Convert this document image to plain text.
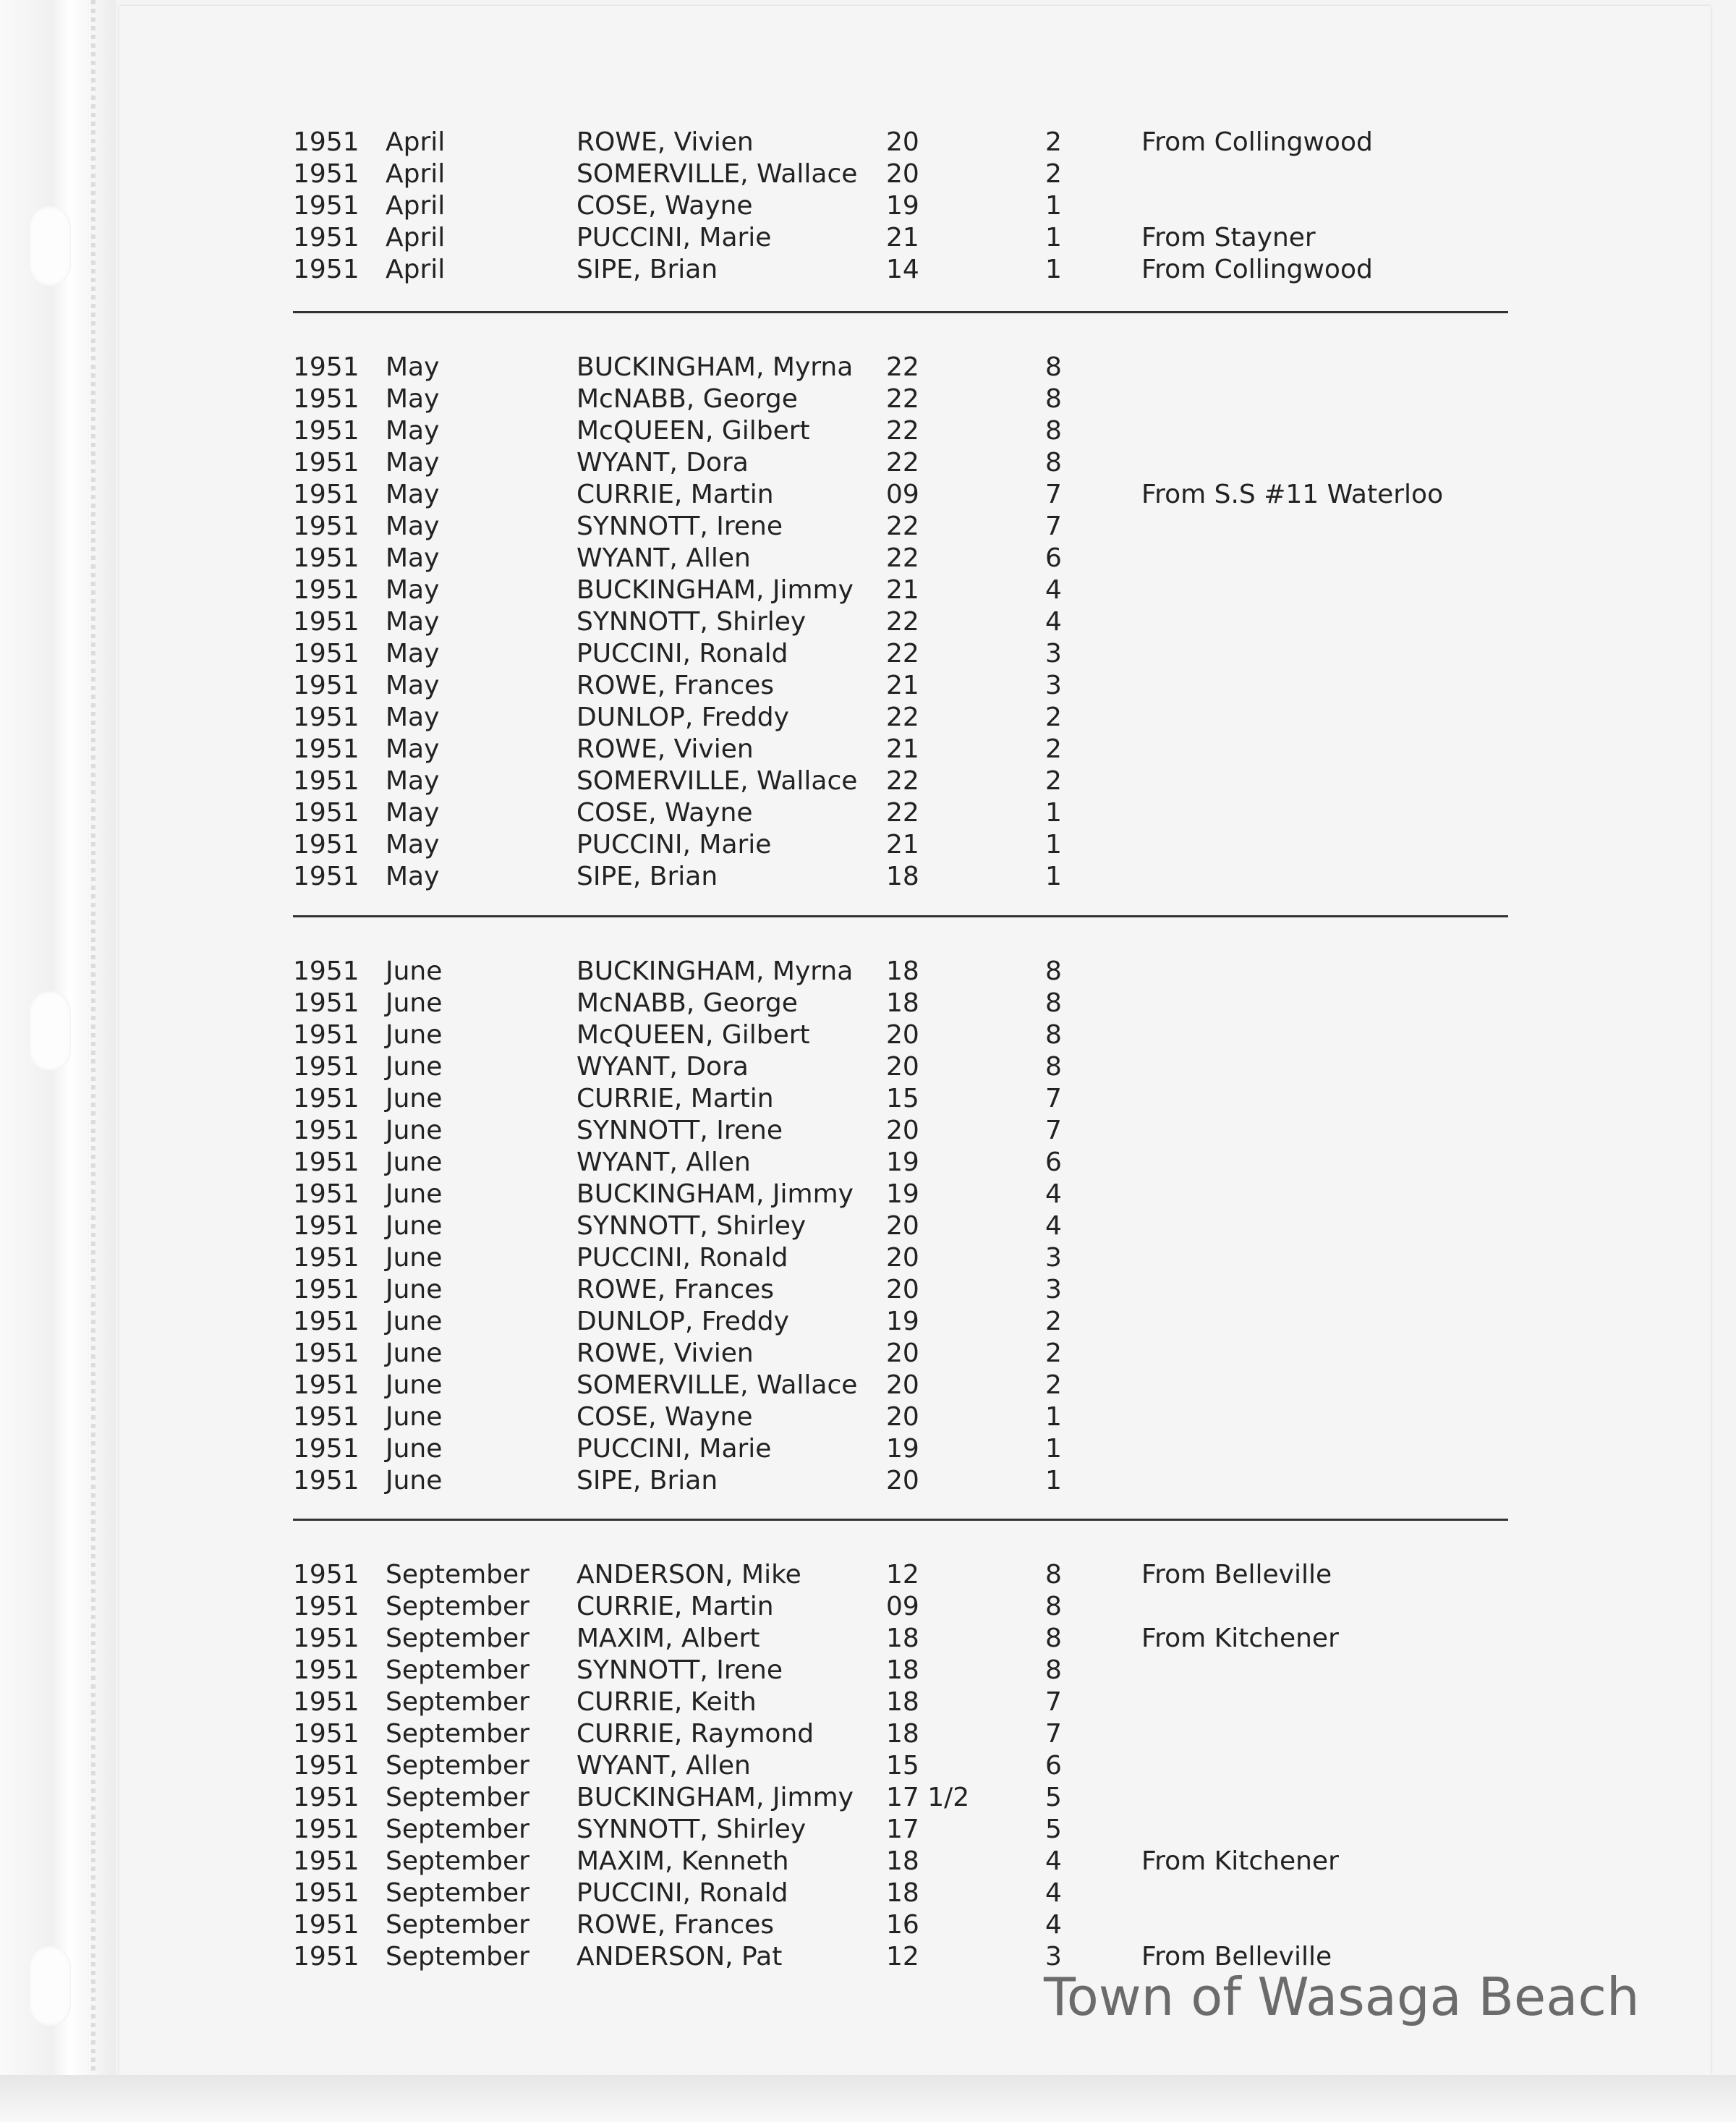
1951 April	ROWE, Vivien	20	2	From Collingwood
1951 April	SOMERVILLE, Wallace 20	2
1951 April	COSE, Wayne	19	1
1951 April	PUCCINI, Marie	21	1	From Stayner
1951 April	SIPE, Brian	14	1	From Collingwood
1951 May	BUCKINGHAM, Myrna 22	8
1951 May	McNABB, George	22	8
1951 May	McQUEEN, Gilbert	22	8
1951 May	WYANT, Dora	22	8
1951 May	CURRIE, Martin	09	7	From S.S #11 Waterloo
1951 May	SYNNOTT, Irene	22	7
1951 May	WYANT, Allen	22	6
1951 May	BUCKINGHAM, Jimmy 21	4
1951 May	SYNNOTT, Shirley	22	4
1951 May	PUCCINI, Ronald	22	3
1951 May	ROWE, Frances	21	3
1951 May	DUNLOP, Freddy	22	2
1951 May	ROWE, Vivien	21	2
1951 May	SOMERVILLE, Wallace 22	2
1951 May	COSE, Wayne	22	1
1951 May	PUCCINI, Marie	21	1
1951 May	SIPE, Brian	18	1
1951 June	BUCKINGHAM, Myrna 18	8
1951 June	McNABB, George	18	8
1951 June	McQUEEN, Gilbert	20	8
1951 June	WYANT, Dora	20	8
1951 June	CURRIE, Martin	15	7
1951 June	SYNNOTT, Irene	20	7
1951 June	WYANT, Allen	19	6
1951 June	BUCKINGHAM, Jimmy 19	4
1951 June	SYNNOTT, Shirley	20	4
1951 June	PUCCINI, Ronald	20	3
1951 June	ROWE, Frances	20	3
1951 June	DUNLOP, Freddy	19	2
1951 June	ROWE, Vivien	20	2
1951 June	SOMERVILLE, Wallace 20	2
1951 June	COSE, Wayne	20	1
1951 June	PUCCINI, Marie	19	1
1951 June	SIPE, Brian	20	1
1951 September ANDERSON, Mike	12	8	From Belleville
1951 September CURRIE, Martin	09	8
1951 September MAXIM, Albert	18	8	From Kitchener
1951 September SYNNOTT, Irene	18	8
1951 September CURRIE, Keith	18	7
1951 September CURRIE, Raymond	18	7
1951 September WYANT, Allen	15	6
1951 September BUCKINGHAM, Jimmy 17 1/2	5
1951 September SYNNOTT, Shirley	17	5
1951 September MAXIM, Kenneth	18	4	From Kitchener
1951 September PUCCINI, Ronald	18	4
1951 September ROWE, Frances	16	4
1951 September ANDERSON, Pat	12	3	From Belleville
Town of Wasaga Beach
